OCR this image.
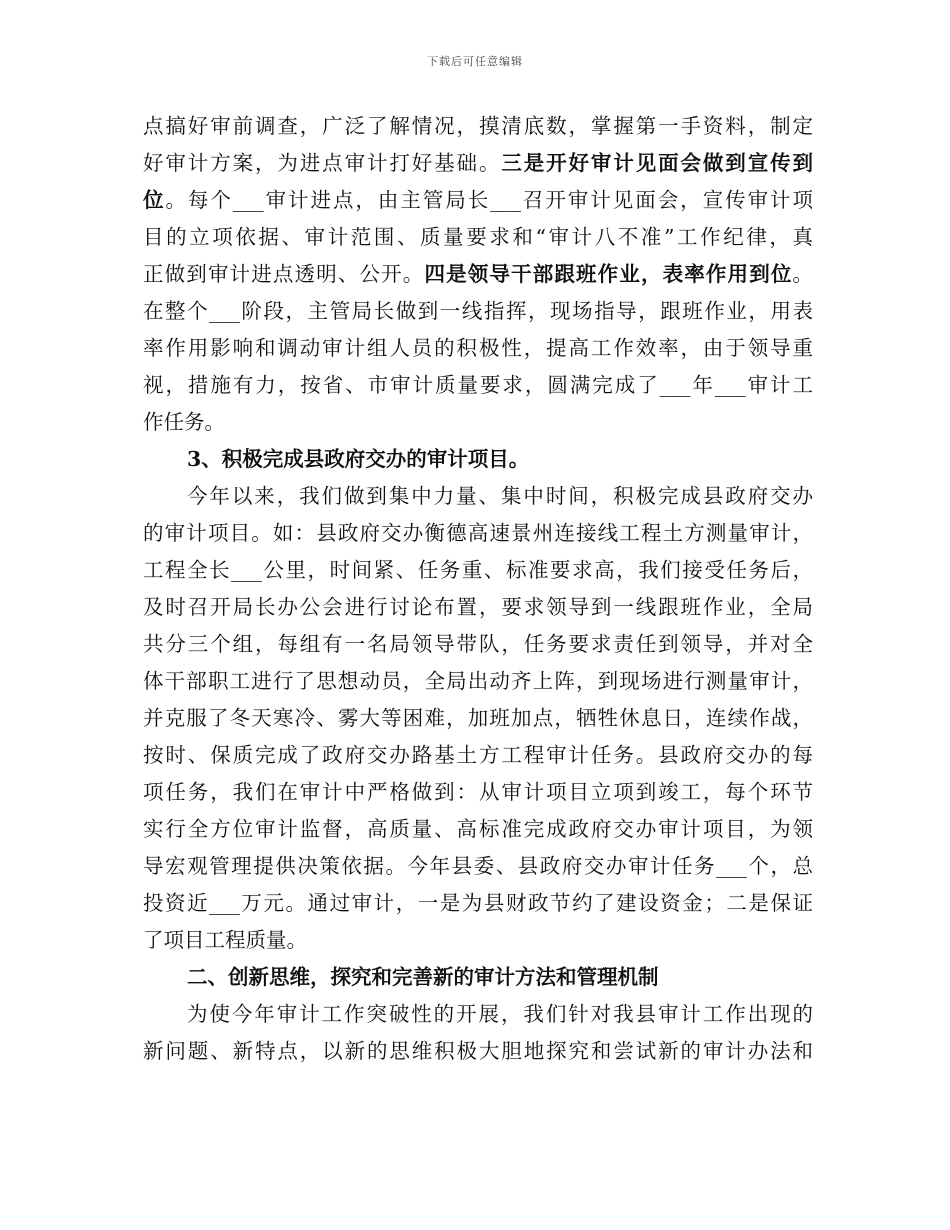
下载后可任意编辑
点搞好审前调查，广泛了解情况，摸清底数，掌握第一手资料，制定
好审计方案，为进点审计打好基础。三是开好审计见面会做到宣传到
位。每个___审计进点，由主管局长___召开审计见面会，宣传审计项
目的立项依据、审计范围、质量要求和“审计八不准”工作纪律，真
正做到审计进点透明、公开。四是领导干部跟班作业，表率作用到位。
在整个___阶段，主管局长做到一线指挥，现场指导，跟班作业，用表
率作用影响和调动审计组人员的积极性，提高工作效率，由于领导重
视，措施有力，按省、市审计质量要求，圆满完成了___年___审计工
作任务。
3、积极完成县政府交办的审计项目。
今年以来，我们做到集中力量、集中时间，积极完成县政府交办
的审计项目。如：县政府交办衡德高速景州连接线工程土方测量审计，
工程全长___公里，时间紧、任务重、标准要求高，我们接受任务后，
及时召开局长办公会进行讨论布置，要求领导到一线跟班作业，全局
共分三个组，每组有一名局领导带队，任务要求责任到领导，并对全
体干部职工进行了思想动员，全局出动齐上阵，到现场进行测量审计，
并克服了冬天寒冷、雾大等困难，加班加点，牺牲休息日，连续作战，
按时、保质完成了政府交办路基土方工程审计任务。县政府交办的每
项任务，我们在审计中严格做到：从审计项目立项到竣工，每个环节
实行全方位审计监督，高质量、高标准完成政府交办审计项目，为领
导宏观管理提供决策依据。今年县委、县政府交办审计任务___个，总
投资近___万元。通过审计，一是为县财政节约了建设资金；二是保证
了项目工程质量。
二、创新思维，探究和完善新的审计方法和管理机制
为使今年审计工作突破性的开展，我们针对我县审计工作出现的
新问题、新特点，以新的思维积极大胆地探究和尝试新的审计办法和
